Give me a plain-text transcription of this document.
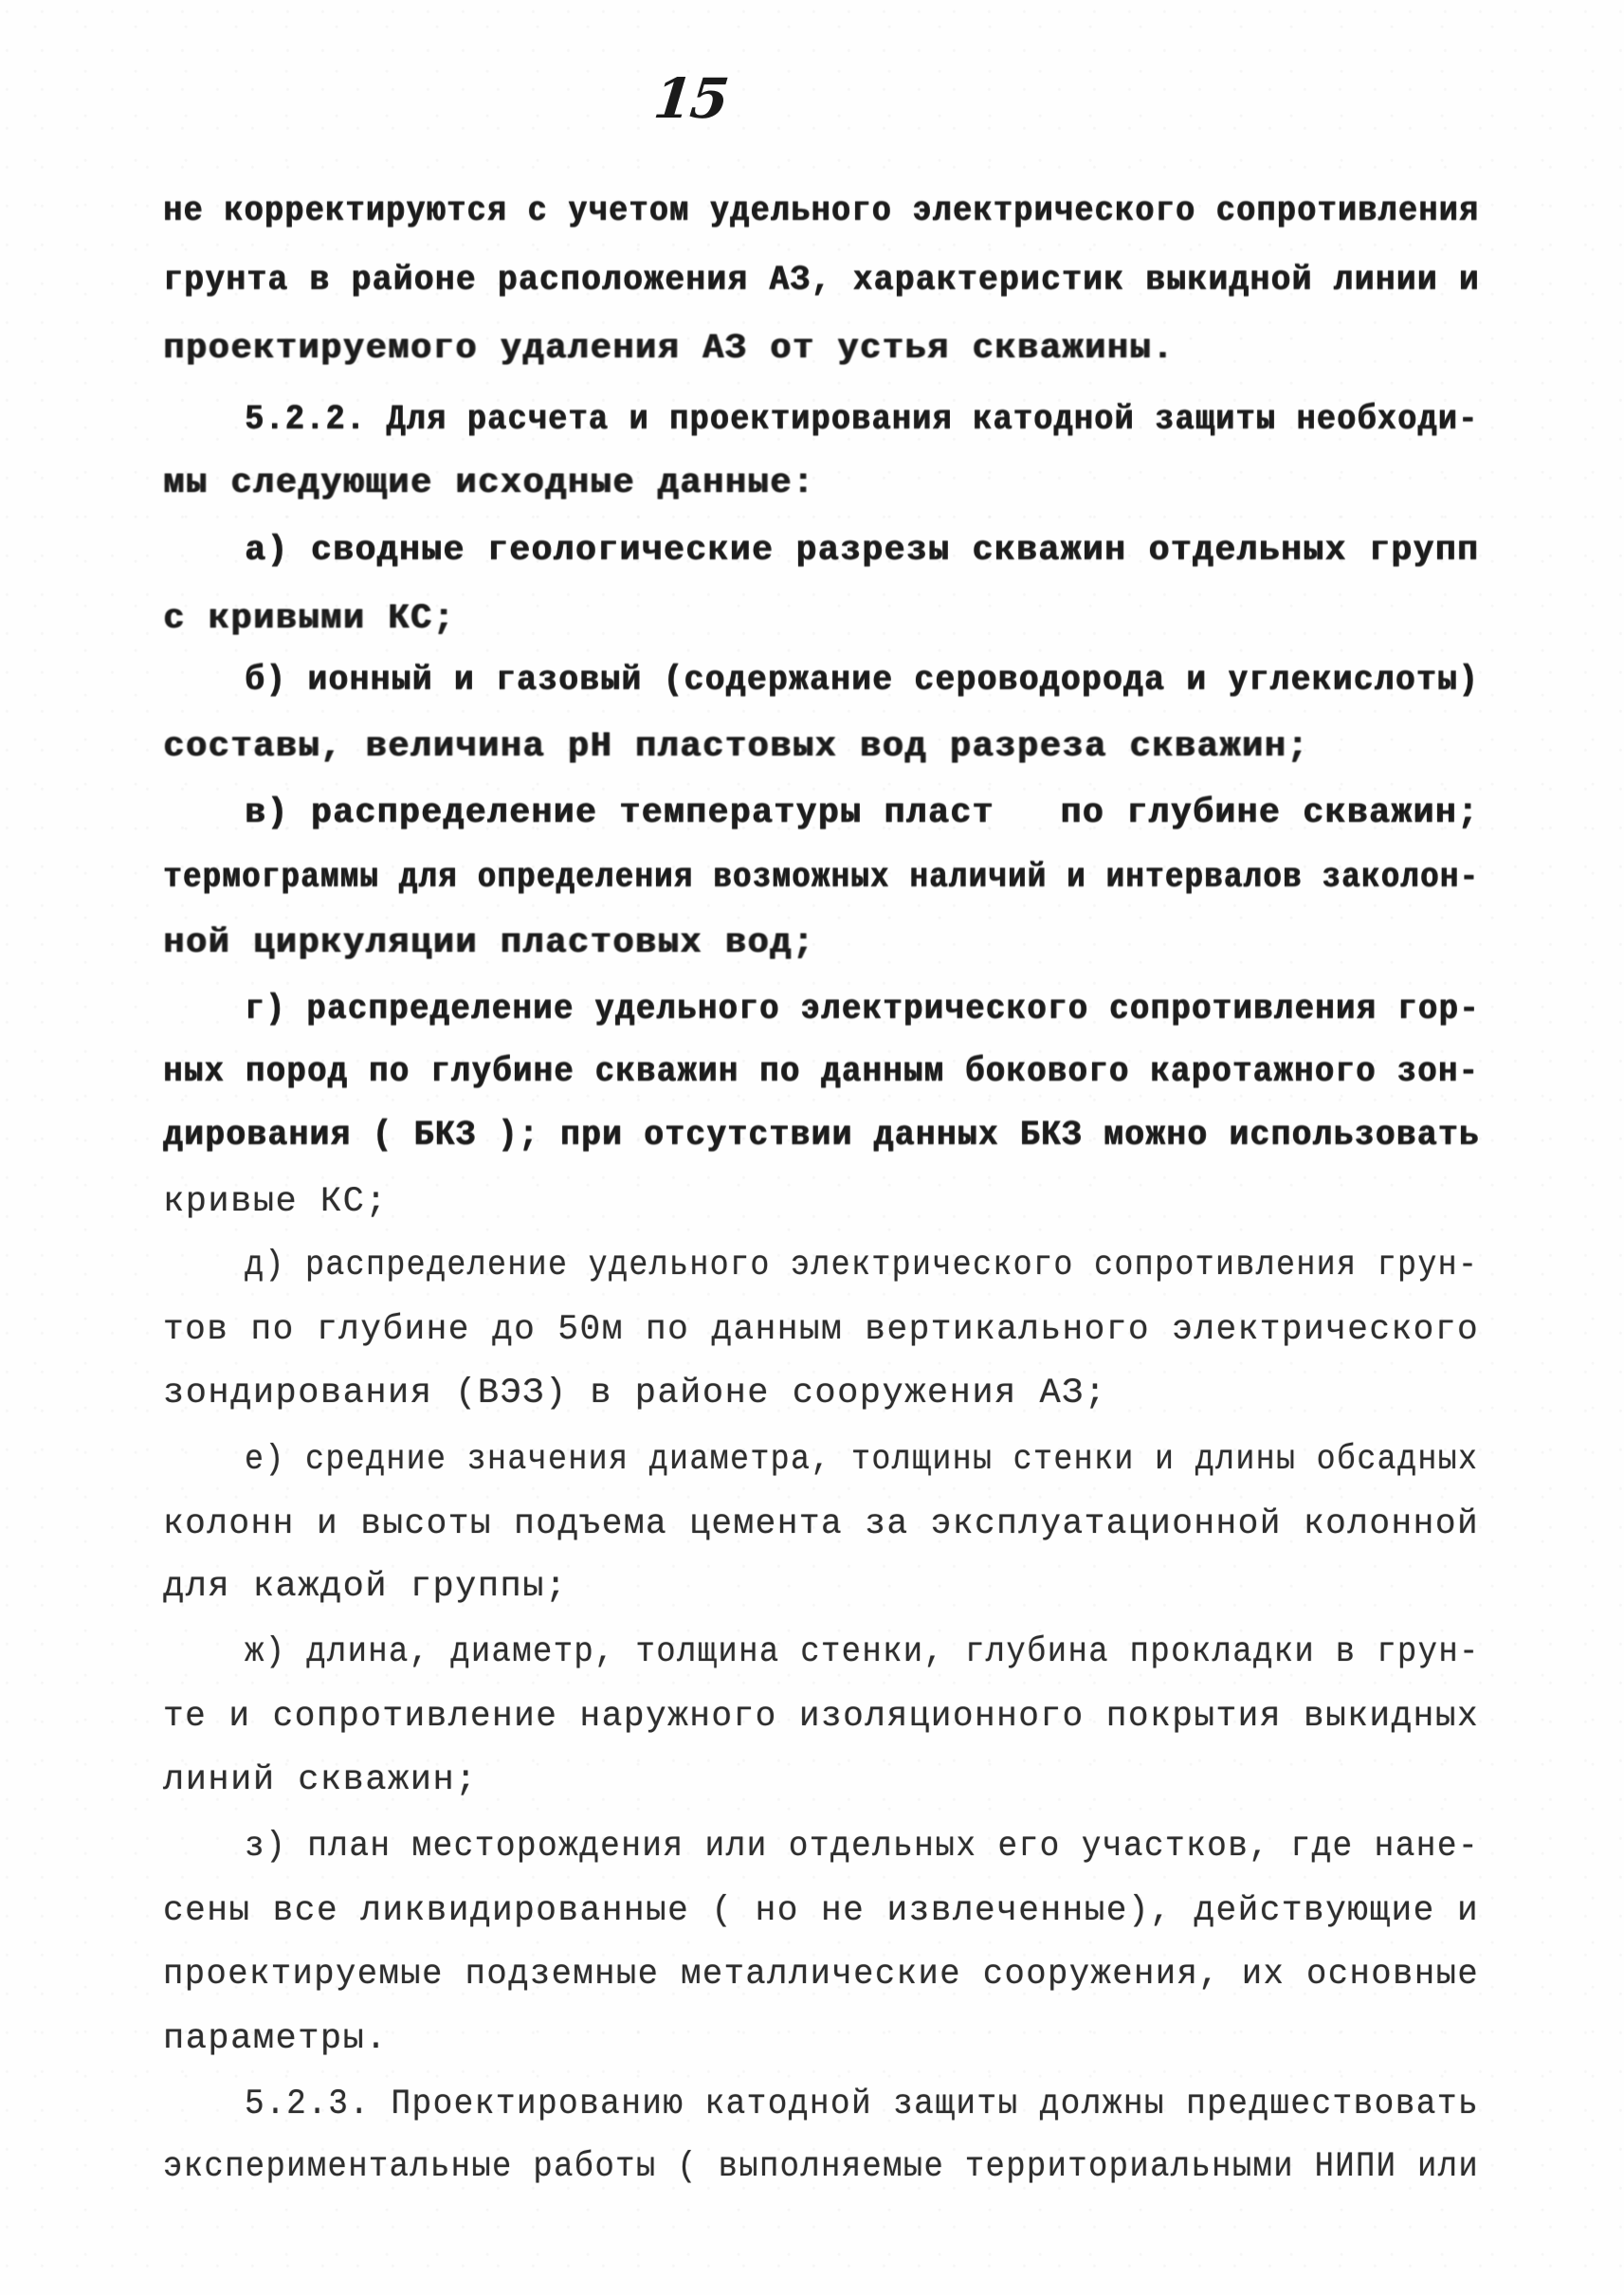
15
не корректируются с учетом удельного электрического сопротивления
грунта в районе расположения АЗ, характеристик выкидной линии и
проектируемого удаления АЗ от устья скважины.
5.2.2. Для расчета и проектирования катодной защиты необходи-
мы следующие исходные данные:
а) сводные геологические разрезы скважин отдельных групп
с кривыми КС;
б) ионный и газовый (содержание сероводорода и углекислоты)
составы, величина pH пластовых вод разреза скважин;
в) распределение температуры пласт   по глубине скважин;
термограммы для определения возможных наличий и интервалов заколон-
ной циркуляции пластовых вод;
г) распределение удельного электрического сопротивления гор-
ных пород по глубине скважин по данным бокового каротажного зон-
дирования ( БКЗ ); при отсутствии данных БКЗ можно использовать
кривые КС;
д) распределение удельного электрического сопротивления грун-
тов по глубине до 50м по данным вертикального электрического
зондирования (ВЭЗ) в районе сооружения АЗ;
е) средние значения диаметра, толщины стенки и длины обсадных
колонн и высоты подъема цемента за эксплуатационной колонной
для каждой группы;
ж) длина, диаметр, толщина стенки, глубина прокладки в грун-
те и сопротивление наружного изоляционного покрытия выкидных
линий скважин;
з) план месторождения или отдельных его участков, где нане-
сены все ликвидированные ( но не извлеченные), действующие и
проектируемые подземные металлические сооружения, их основные
параметры.
5.2.3. Проектированию катодной защиты должны предшествовать
экспериментальные работы ( выполняемые территориальными НИПИ или
